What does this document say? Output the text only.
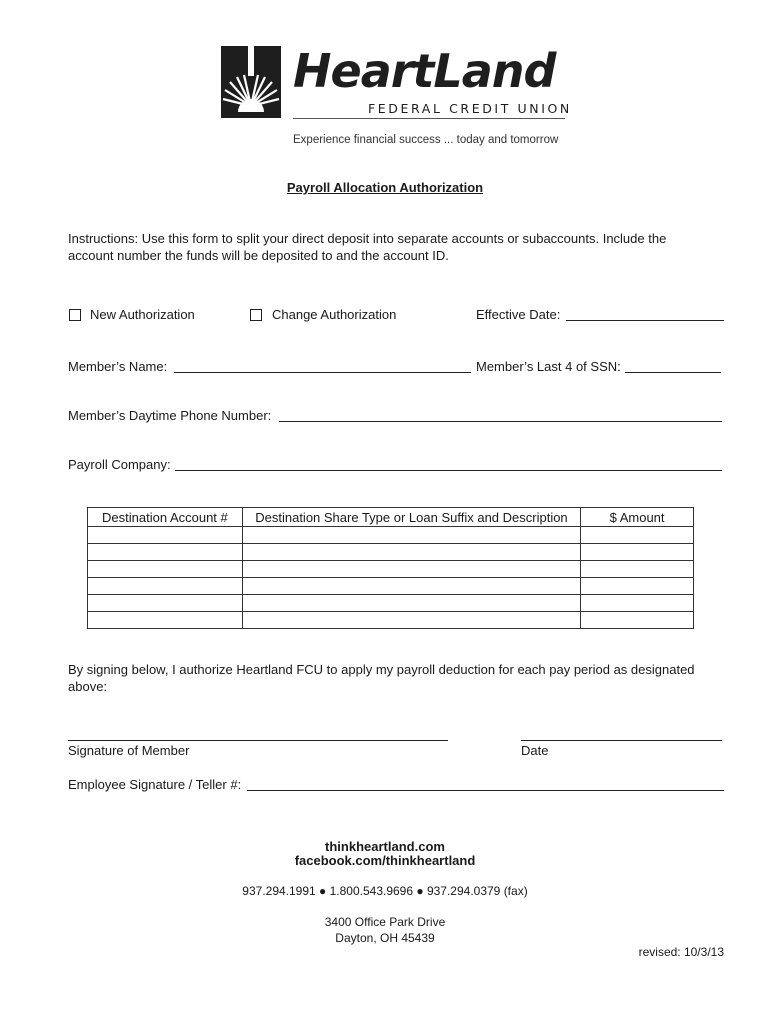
HeartLand
FEDERAL CREDIT UNION
Experience financial success ... today and tomorrow
Payroll Allocation Authorization
Instructions: Use this form to split your direct deposit into separate accounts or subaccounts. Include the account number the funds will be deposited to and the account ID.
New Authorization	Change Authorization	Effective Date:
Member’s Name:	Member’s Last 4 of SSN:
Member’s Daytime Phone Number:
Payroll Company:
Destination Account #	Destination Share Type or Loan Suffix and Description	$ Amount

By signing below, I authorize Heartland FCU to apply my payroll deduction for each pay period as designated above:
Signature of Member	Date
Employee Signature / Teller #:
thinkheartland.com
facebook.com/thinkheartland
937.294.1991 ● 1.800.543.9696 ● 937.294.0379 (fax)
3400 Office Park Drive
Dayton, OH 45439
revised: 10/3/13
